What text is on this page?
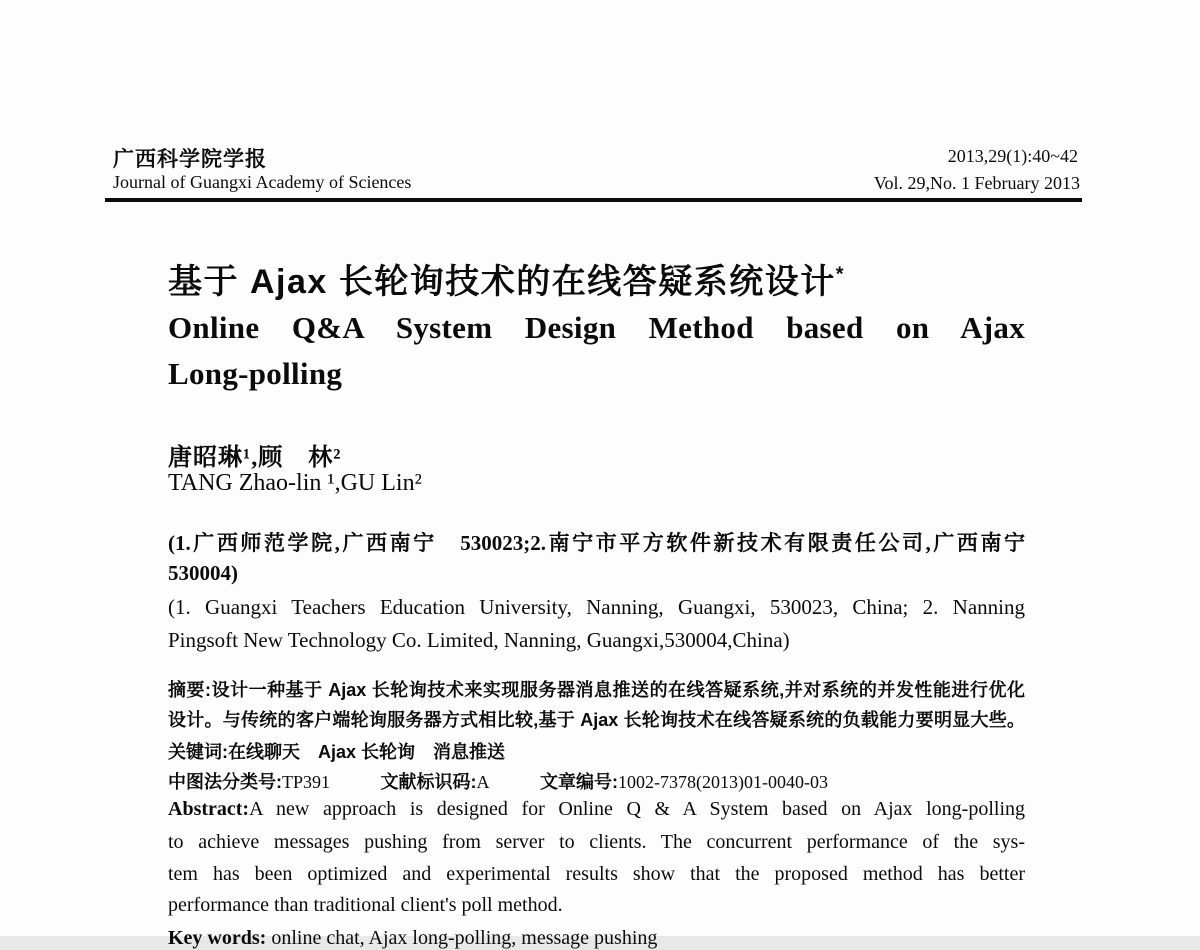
广西科学院学报
Journal of Guangxi Academy of Sciences
2013,29(1):40~42
Vol. 29,No. 1 February 2013
基于 Ajax 长轮询技术的在线答疑系统设计*
Online Q&A System Design Method based on Ajax
Long-polling
唐昭琳¹,顾　林²
TANG Zhao-lin ¹,GU Lin²
(1.广西师范学院,广西南宁　530023;2.南宁市平方软件新技术有限责任公司,广西南宁
530004)
(1. Guangxi Teachers Education University, Nanning, Guangxi, 530023, China; 2. Nanning
Pingsoft New Technology Co. Limited, Nanning, Guangxi,530004,China)
摘要:设计一种基于 Ajax 长轮询技术来实现服务器消息推送的在线答疑系统,并对系统的并发性能进行优化
设计。与传统的客户端轮询服务器方式相比较,基于 Ajax 长轮询技术在线答疑系统的负载能力要明显大些。
关键词:在线聊天　Ajax 长轮询　消息推送
中图法分类号:TP391	文献标识码:A	文章编号:1002-7378(2013)01-0040-03
Abstract:A new approach is designed for Online Q & A System based on Ajax long-polling
to achieve messages pushing from server to clients. The concurrent performance of the sys-
tem has been optimized and experimental results show that the proposed method has better
performance than traditional client's poll method.
Key words: online chat, Ajax long-polling, message pushing
